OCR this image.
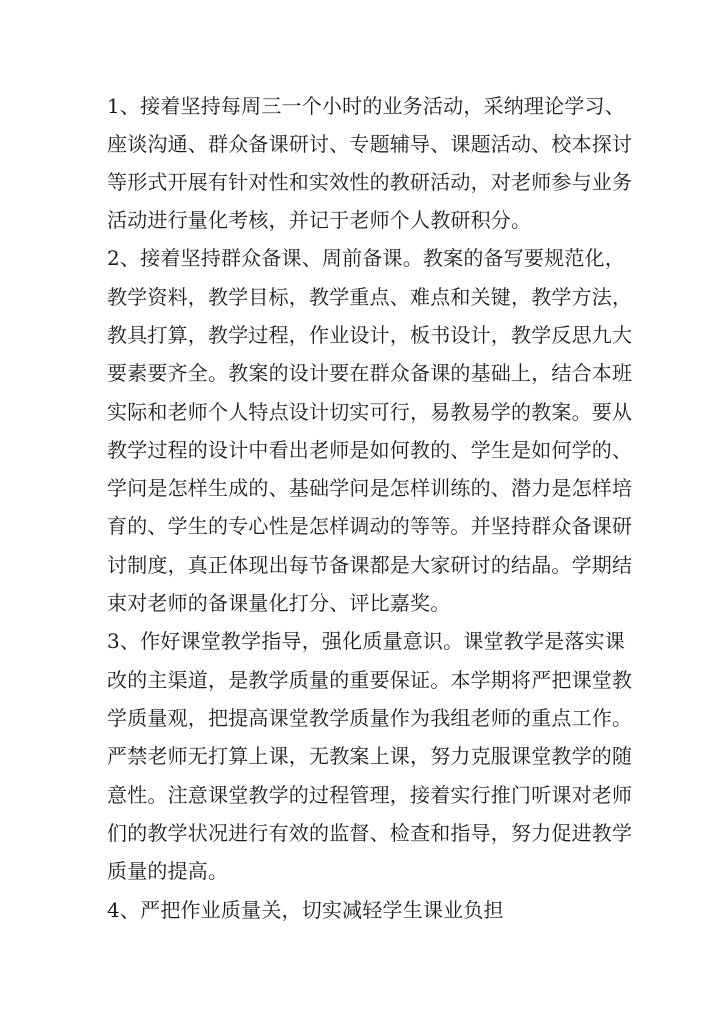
1、接着坚持每周三一个小时的业务活动，采纳理论学习、
座谈沟通、群众备课研讨、专题辅导、课题活动、校本探讨
等形式开展有针对性和实效性的教研活动，对老师参与业务
活动进行量化考核，并记于老师个人教研积分。
2、接着坚持群众备课、周前备课。教案的备写要规范化，
教学资料，教学目标，教学重点、难点和关键，教学方法，
教具打算，教学过程，作业设计，板书设计，教学反思九大
要素要齐全。教案的设计要在群众备课的基础上，结合本班
实际和老师个人特点设计切实可行，易教易学的教案。要从
教学过程的设计中看出老师是如何教的、学生是如何学的、
学问是怎样生成的、基础学问是怎样训练的、潜力是怎样培
育的、学生的专心性是怎样调动的等等。并坚持群众备课研
讨制度，真正体现出每节备课都是大家研讨的结晶。学期结
束对老师的备课量化打分、评比嘉奖。
3、作好课堂教学指导，强化质量意识。课堂教学是落实课
改的主渠道，是教学质量的重要保证。本学期将严把课堂教
学质量观，把提高课堂教学质量作为我组老师的重点工作。
严禁老师无打算上课，无教案上课，努力克服课堂教学的随
意性。注意课堂教学的过程管理，接着实行推门听课对老师
们的教学状况进行有效的监督、检查和指导，努力促进教学
质量的提高。
4、严把作业质量关，切实减轻学生课业负担
